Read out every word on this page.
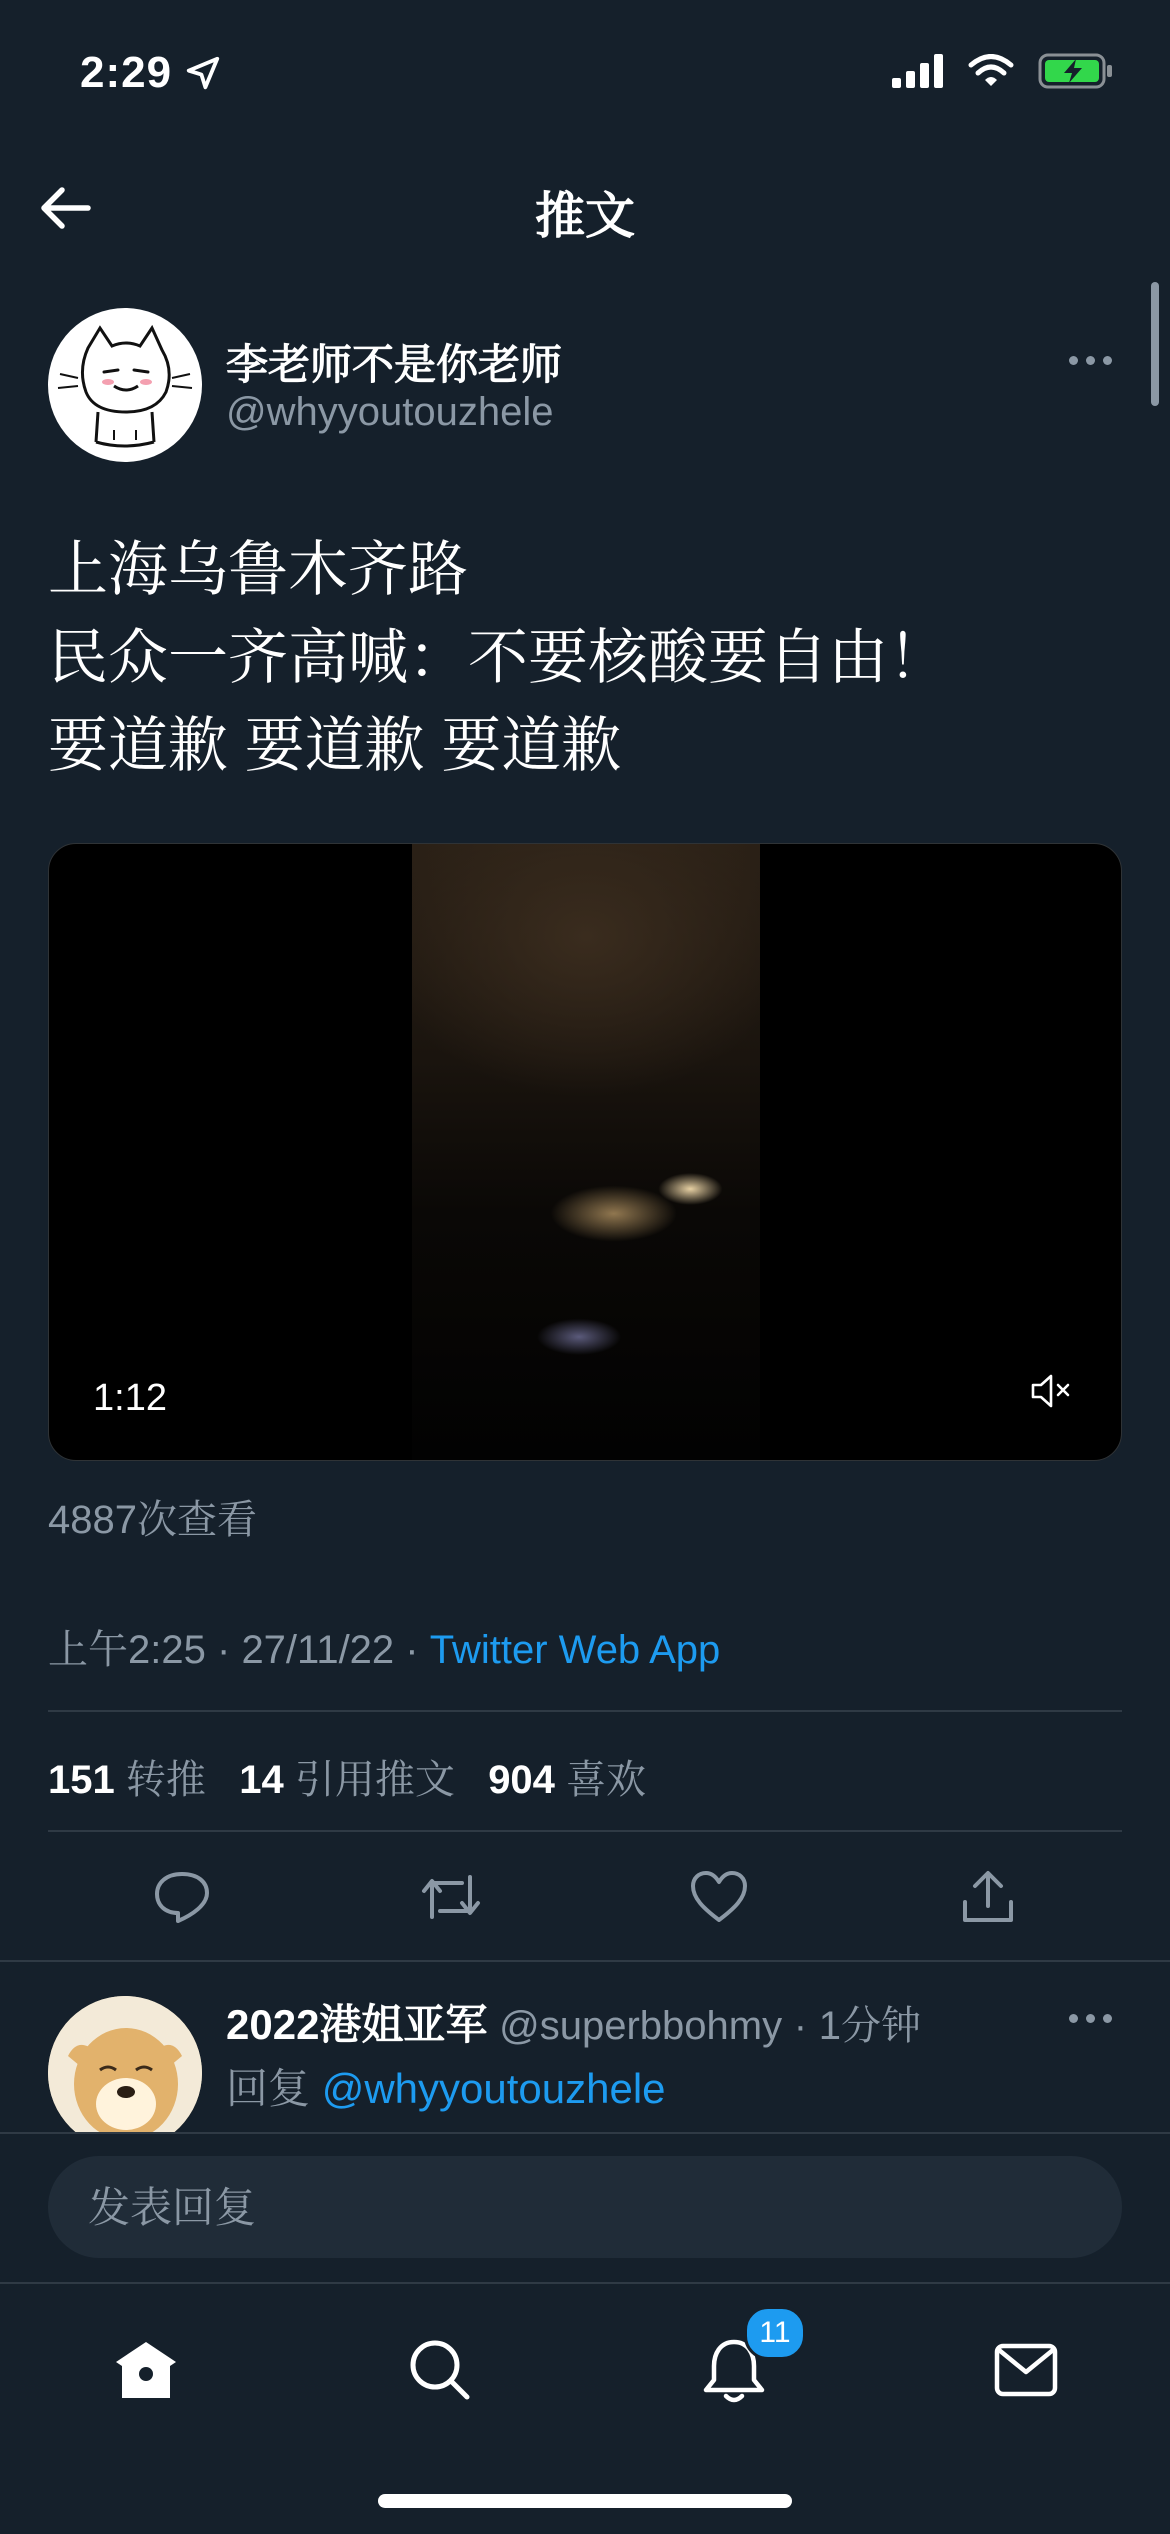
2:29
推文
李老师不是你老师
@whyyoutouzhele
上海乌鲁木齐路
民众一齐高喊：不要核酸要自由！
要道歉 要道歉 要道歉
1:12
4887次查看
上午2:25 · 27/11/22 · Twitter Web App
151 转推 14 引用推文 904 喜欢
2022港姐亚军 @superbbohmy · 1分钟
回复 @whyyoutouzhele
发表回复
11
